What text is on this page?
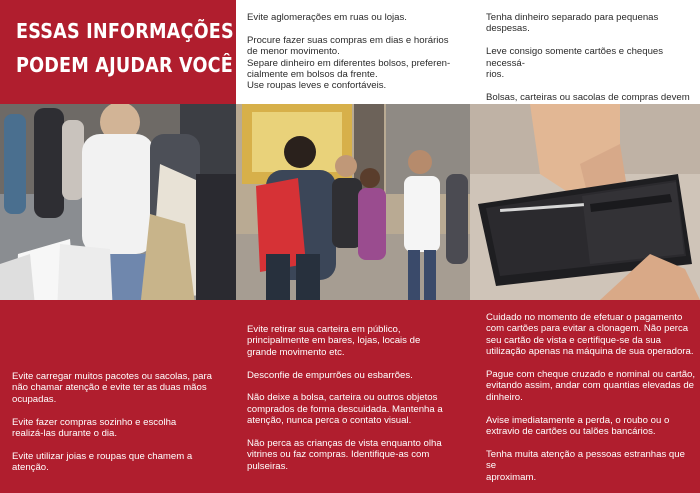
ESSAS INFORMAÇÕES
PODEM AJUDAR VOCÊ

Evite aglomerações em ruas ou lojas.

Procure fazer suas compras em dias e horários
de menor movimento.
Separe dinheiro em diferentes bolsos, preferen-
cialmente em bolsos da frente.
Use roupas leves e confortáveis.

Tenha dinheiro separado para pequenas despesas.

Leve consigo somente cartões e cheques necessá-
rios.

Bolsas, carteiras ou sacolas de compras devem

Evite carregar muitos pacotes ou sacolas, para
não chamar atenção e evite ter as duas mãos
ocupadas.

Evite fazer compras sozinho e escolha
realizá-las durante o dia.

Evite utilizar joias e roupas que chamem a
atenção.

Evite retirar sua carteira em público,
principalmente em bares, lojas, locais de
grande movimento etc.

Desconfie de empurrões ou esbarrões.

Não deixe a bolsa, carteira ou outros objetos
comprados de forma descuidada. Mantenha a
atenção, nunca perca o contato visual.

Não perca as crianças de vista enquanto olha
vitrines ou faz compras. Identifique-as com
pulseiras.

Cuidado no momento de efetuar o pagamento
com cartões para evitar a clonagem. Não perca
seu cartão de vista e certifique-se da sua
utilização apenas na máquina de sua operadora.

Pague com cheque cruzado e nominal ou cartão,
evitando assim, andar com quantias elevadas de
dinheiro.

Avise imediatamente a perda, o roubo ou o
extravio de cartões ou talões bancários.

Tenha muita atenção a pessoas estranhas que se
aproximam.
